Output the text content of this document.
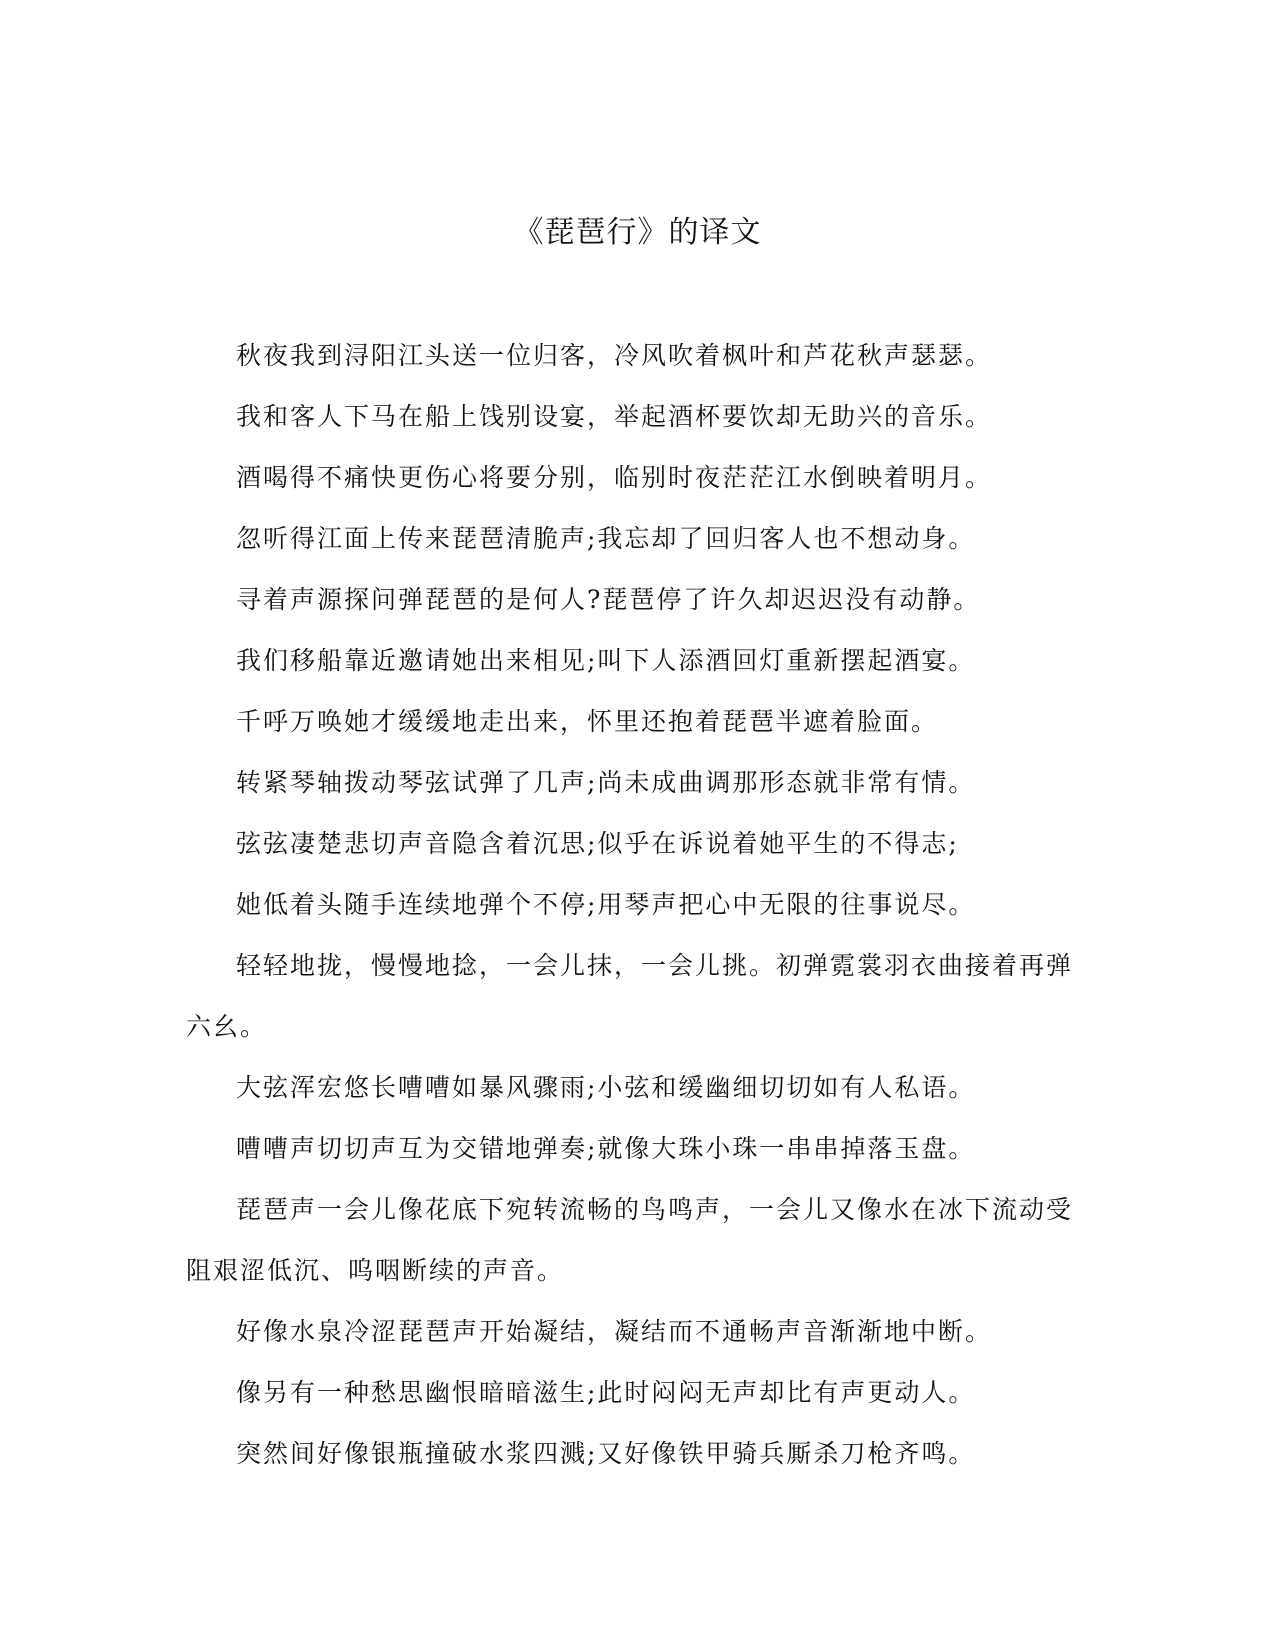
《琵琶行》的译文

秋夜我到浔阳江头送一位归客，冷风吹着枫叶和芦花秋声瑟瑟。

我和客人下马在船上饯别设宴，举起酒杯要饮却无助兴的音乐。

酒喝得不痛快更伤心将要分别，临别时夜茫茫江水倒映着明月。

忽听得江面上传来琵琶清脆声;我忘却了回归客人也不想动身。

寻着声源探问弹琵琶的是何人?琵琶停了许久却迟迟没有动静。

我们移船靠近邀请她出来相见;叫下人添酒回灯重新摆起酒宴。

千呼万唤她才缓缓地走出来，怀里还抱着琵琶半遮着脸面。

转紧琴轴拨动琴弦试弹了几声;尚未成曲调那形态就非常有情。

弦弦凄楚悲切声音隐含着沉思;似乎在诉说着她平生的不得志;

她低着头随手连续地弹个不停;用琴声把心中无限的往事说尽。

轻轻地拢，慢慢地捻，一会儿抹，一会儿挑。初弹霓裳羽衣曲接着再弹六幺。

大弦浑宏悠长嘈嘈如暴风骤雨;小弦和缓幽细切切如有人私语。

嘈嘈声切切声互为交错地弹奏;就像大珠小珠一串串掉落玉盘。

琵琶声一会儿像花底下宛转流畅的鸟鸣声，一会儿又像水在冰下流动受阻艰涩低沉、呜咽断续的声音。

好像水泉冷涩琵琶声开始凝结，凝结而不通畅声音渐渐地中断。

像另有一种愁思幽恨暗暗滋生;此时闷闷无声却比有声更动人。

突然间好像银瓶撞破水浆四溅;又好像铁甲骑兵厮杀刀枪齐鸣。
